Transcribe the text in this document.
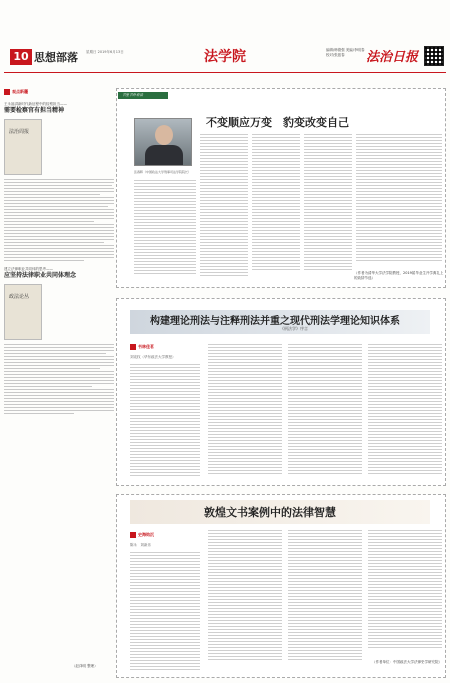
10 思想部落 星期日 2019年6月13日	法学院	编辑/韩德强 美编/李明春 校对/张振春	法治日报
观点新疆
王永福讲新时代新征程中的检察担当——
需要检察官有担当精神
法治周报
建立法律职业共同体的思考——
应坚持法律职业共同体理念
政法论丛
书里书外看法
不变顺应万变　豹变改变自己
张春晖（中国政法大学刑事司法学院院长）
（作者为清华大学法学院教授，2019届毕业生开学典礼上的致辞节选）
构建理论刑法与注释刑法并重之现代刑法学理论知识体系
《刑法学》序言
书林佳茗
刘宪权（华东政法大学教授）
敦煌文书案例中的法律智慧
史海钩沉
陈永　刘新乐
（作者单位：中国政法大学法律史学研究院）
（赵泽明 整理）
